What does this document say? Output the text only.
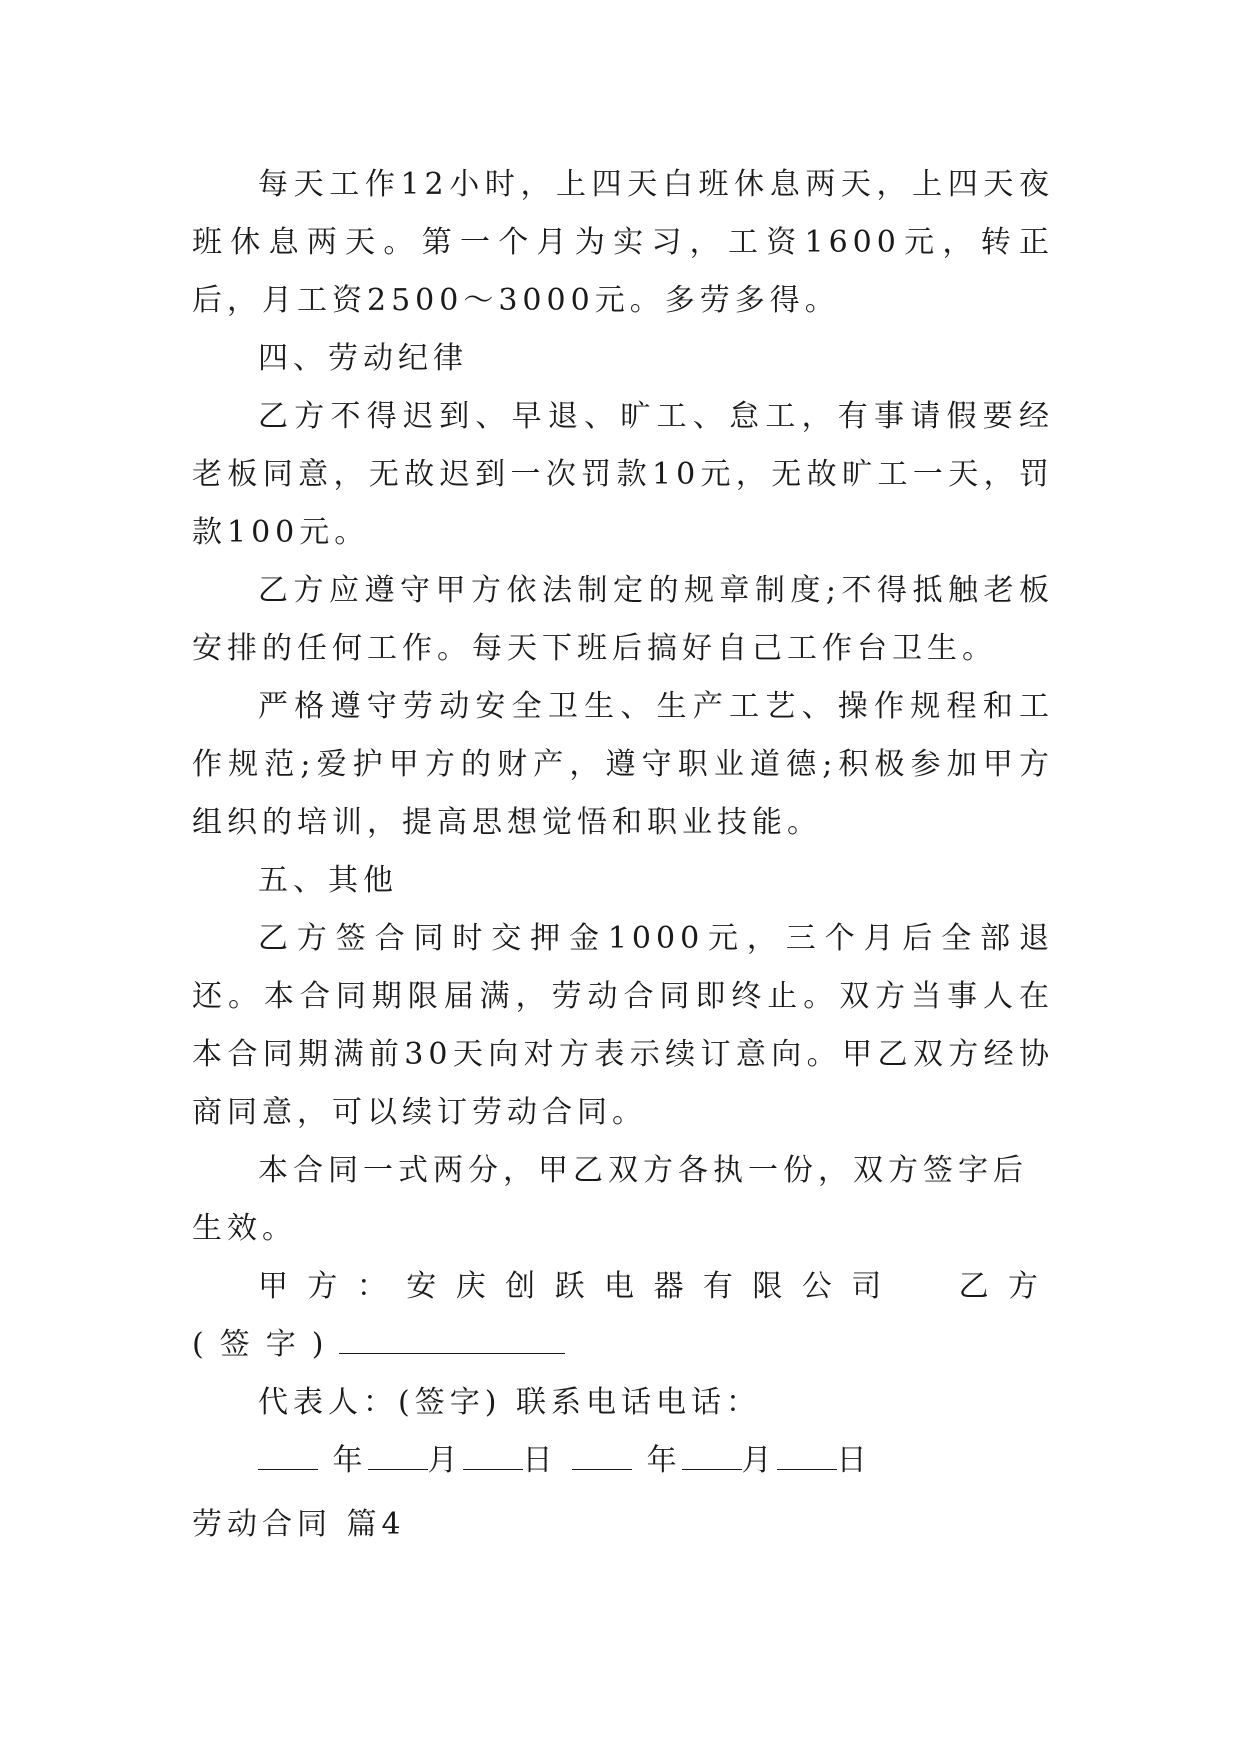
每天工作12小时，上四天白班休息两天，上四天夜班休息两天。第一个月为实习，工资1600元，转正后，月工资2500～3000元。多劳多得。

四、劳动纪律

乙方不得迟到、早退、旷工、怠工，有事请假要经老板同意，无故迟到一次罚款10元，无故旷工一天，罚款100元。

乙方应遵守甲方依法制定的规章制度;不得抵触老板安排的任何工作。每天下班后搞好自己工作台卫生。

严格遵守劳动安全卫生、生产工艺、操作规程和工作规范;爱护甲方的财产，遵守职业道德;积极参加甲方组织的培训，提高思想觉悟和职业技能。

五、其他

乙方签合同时交押金1000元，三个月后全部退还。本合同期限届满，劳动合同即终止。双方当事人在本合同期满前30天向对方表示续订意向。甲乙双方经协商同意，可以续订劳动合同。

本合同一式两分，甲乙双方各执一份，双方签字后生效。

甲方：安庆创跃电器有限公司 乙方(签字)

代表人：(签字) 联系电话电话：

年 月 日	年 月 日

劳动合同 篇4
